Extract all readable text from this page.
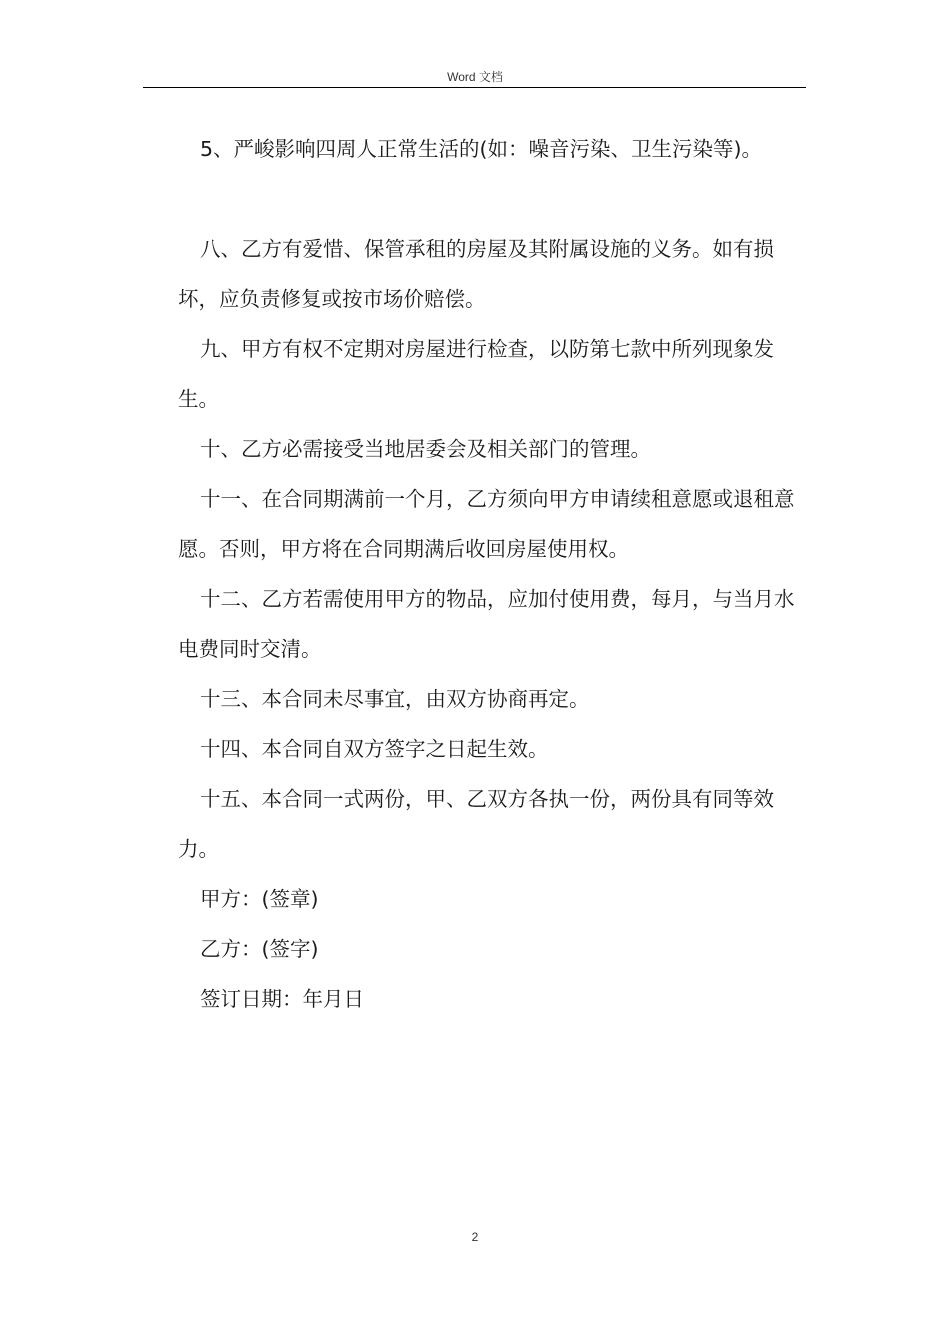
Word 文档

5、严峻影响四周人正常生活的(如：噪音污染、卫生污染等)。

八、乙方有爱惜、保管承租的房屋及其附属设施的义务。如有损坏，应负责修复或按市场价赔偿。

九、甲方有权不定期对房屋进行检查，以防第七款中所列现象发生。

十、乙方必需接受当地居委会及相关部门的管理。

十一、在合同期满前一个月，乙方须向甲方申请续租意愿或退租意愿。否则，甲方将在合同期满后收回房屋使用权。

十二、乙方若需使用甲方的物品，应加付使用费，每月，与当月水电费同时交清。

十三、本合同未尽事宜，由双方协商再定。

十四、本合同自双方签字之日起生效。

十五、本合同一式两份，甲、乙双方各执一份，两份具有同等效力。

甲方：(签章)

乙方：(签字)

签订日期：年月日

2
